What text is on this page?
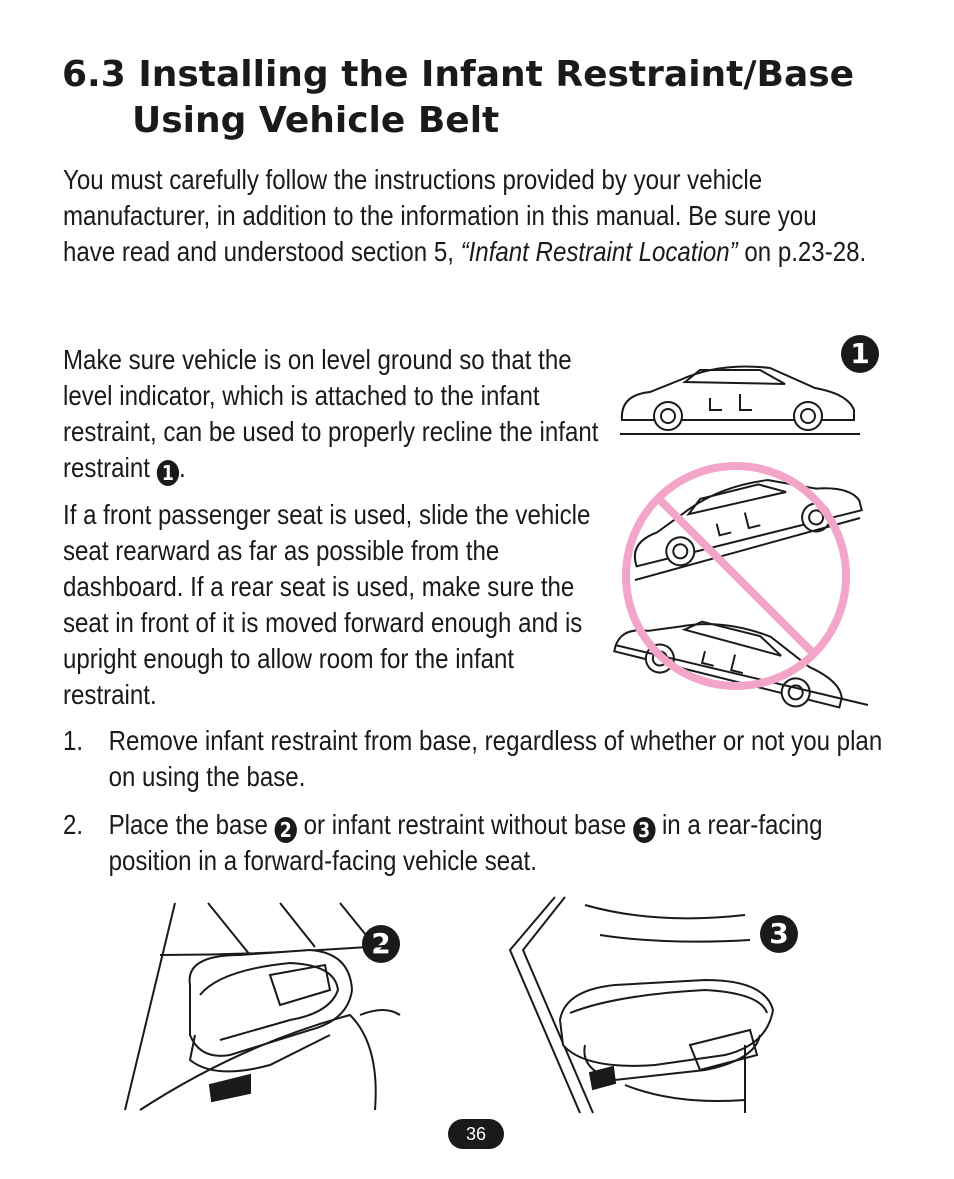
6.3 Installing the Infant Restraint/Base
Using Vehicle Belt

You must carefully follow the instructions provided by your vehicle manufacturer, in addition to the information in this manual. Be sure you have read and understood section 5, “Infant Restraint Location” on p.23-28.

Make sure vehicle is on level ground so that the level indicator, which is attached to the infant restraint, can be used to properly recline the infant restraint 1 .

If a front passenger seat is used, slide the vehicle seat rearward as far as possible from the dashboard. If a rear seat is used, make sure the seat in front of it is moved forward enough and is upright enough to allow room for the infant restraint.

1. Remove infant restraint from base, regardless of whether or not you plan on using the base.
2. Place the base 2 or infant restraint without base 3 in a rear-facing position in a forward-facing vehicle seat.
1
2	3
36
